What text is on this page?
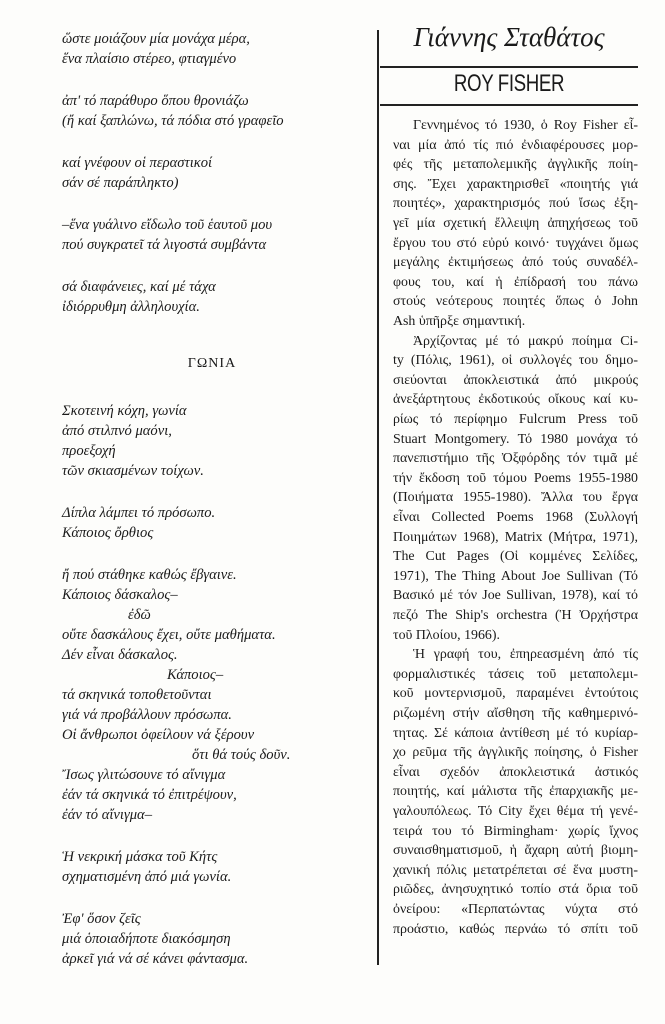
ὥστε μοιάζουν μία μονάχα μέρα,
ἕνα πλαίσιο στέρεο, φτιαγμένο
ἀπ' τό παράθυρο ὅπου θρονιάζω
(ἤ καί ξαπλώνω, τά πόδια στό γραφεῖο
καί γνέφουν οἱ περαστικοί
σάν σέ παράπληκτο)
–ἕνα γυάλινο εἴδωλο τοῦ ἑαυτοῦ μου
πού συγκρατεῖ τά λιγοστά συμβάντα
σά διαφάνειες, καί μέ τάχα
ἰδιόρρυθμη ἀλληλουχία.
ΓΩΝΙΑ
Σκοτεινή κόχη, γωνία
ἀπό στιλπνό μαόνι,
προεξοχή
τῶν σκιασμένων τοίχων.
Δίπλα λάμπει τό πρόσωπο.
Κάποιος ὄρθιος
ἤ πού στάθηκε καθώς ἔβγαινε.
Κάποιος δάσκαλος–
ἐδῶ
οὔτε δασκάλους ἔχει, οὔτε μαθήματα.
Δέν εἶναι δάσκαλος.
Κάποιος–
τά σκηνικά τοποθετοῦνται
γιά νά προβάλλουν πρόσωπα.
Οἱ ἄνθρωποι ὀφείλουν νά ξέρουν
ὅτι θά τούς δοῦν.
Ἴσως γλιτώσουνε τό αἴνιγμα
ἐάν τά σκηνικά τό ἐπιτρέψουν,
ἐάν τό αἴνιγμα–
Ἡ νεκρική μάσκα τοῦ Κήτς
σχηματισμένη ἀπό μιά γωνία.
Ἐφ' ὅσον ζεῖς
μιά ὁποιαδήποτε διακόσμηση
ἀρκεῖ γιά νά σέ κάνει φάντασμα.
Γιάννης Σταθάτος
ROY FISHER
Γεννημένος τό 1930, ὁ Roy Fisher εἶ-
ναι μία ἀπό τίς πιό ἐνδιαφέρουσες μορ-
φές τῆς μεταπολεμικῆς ἀγγλικῆς ποίη-
σης. Ἔχει χαρακτηρισθεῖ «ποιητής γιά
ποιητές», χαρακτηρισμός πού ἴσως ἐξη-
γεῖ μία σχετική ἔλλειψη ἀπηχήσεως τοῦ
ἔργου του στό εὐρύ κοινό· τυγχάνει ὅμως
μεγάλης ἐκτιμήσεως ἀπό τούς συναδέλ-
φους του, καί ἡ ἐπίδρασή του πάνω
στούς νεότερους ποιητές ὅπως ὁ John
Ash ὑπῆρξε σημαντική.
Ἀρχίζοντας μέ τό μακρύ ποίημα Ci-
ty (Πόλις, 1961), οἱ συλλογές του δημο-
σιεύονται ἀποκλειστικά ἀπό μικρούς
ἀνεξάρτητους ἐκδοτικούς οἴκους καί κυ-
ρίως τό περίφημο Fulcrum Press τοῦ
Stuart Montgomery. Τό 1980 μονάχα τό
πανεπιστήμιο τῆς Ὀξφόρδης τόν τιμᾶ μέ
τήν ἔκδοση τοῦ τόμου Poems 1955-1980
(Ποιήματα 1955-1980). Ἄλλα του ἔργα
εἶναι Collected Poems 1968 (Συλλογή
Ποιημάτων 1968), Matrix (Μήτρα, 1971),
The Cut Pages (Οἱ κομμένες Σελίδες,
1971), The Thing About Joe Sullivan (Τό
Βασικό μέ τόν Joe Sullivan, 1978), καί τό
πεζό The Ship's orchestra (Ἡ Ὀρχήστρα
τοῦ Πλοίου, 1966).
Ἡ γραφή του, ἐπηρεασμένη ἀπό τίς
φορμαλιστικές τάσεις τοῦ μεταπολεμι-
κοῦ μοντερνισμοῦ, παραμένει ἐντούτοις
ριζωμένη στήν αἴσθηση τῆς καθημερινό-
τητας. Σέ κάποια ἀντίθεση μέ τό κυρίαρ-
χο ρεῦμα τῆς ἀγγλικῆς ποίησης, ὁ Fisher
εἶναι σχεδόν ἀποκλειστικά ἀστικός
ποιητής, καί μάλιστα τῆς ἐπαρχιακῆς με-
γαλουπόλεως. Τό City ἔχει θέμα τή γενέ-
τειρά του τό Birmingham· χωρίς ἴχνος
συναισθηματισμοῦ, ἡ ἄχαρη αὐτή βιομη-
χανική πόλις μετατρέπεται σέ ἕνα μυστη-
ριῶδες, ἀνησυχητικό τοπίο στά ὅρια τοῦ
ὀνείρου: «Περπατώντας νύχτα στό
προάστιο, καθώς περνάω τό σπίτι τοῦ
